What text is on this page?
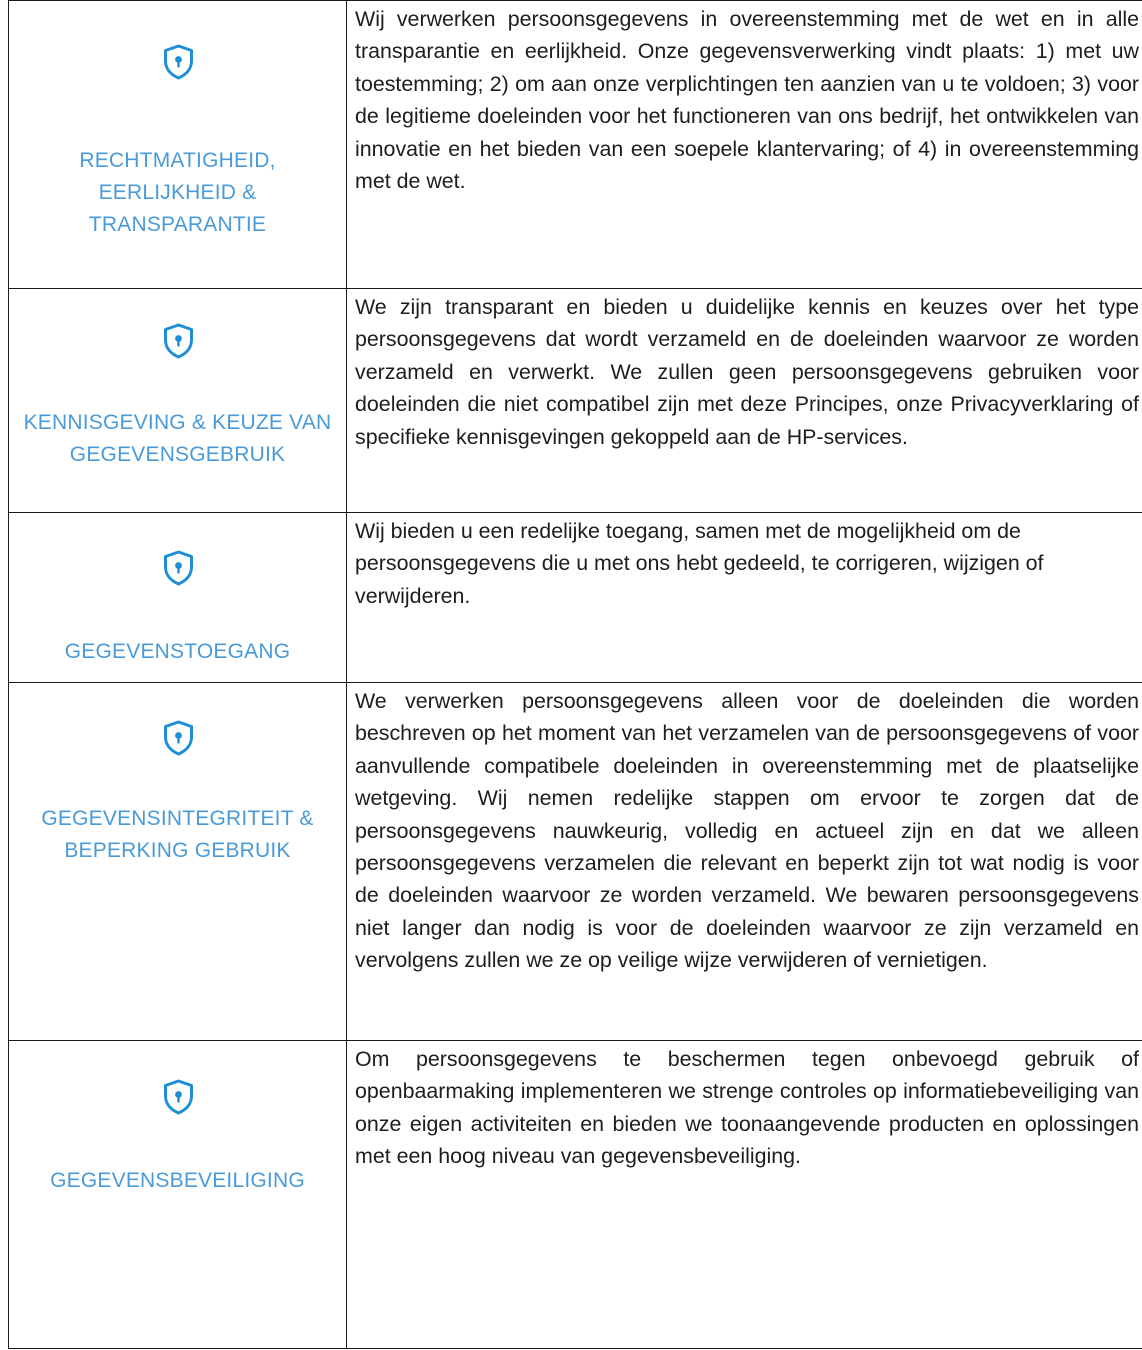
RECHTMATIGHEID, EERLIJKHEID & TRANSPARANTIE	Wij verwerken persoonsgegevens in overeenstemming met de wet en in alle transparantie en eerlijkheid. Onze gegevensverwerking vindt plaats: 1) met uw toestemming; 2) om aan onze verplichtingen ten aanzien van u te voldoen; 3) voor de legitieme doeleinden voor het functioneren van ons bedrijf, het ontwikkelen van innovatie en het bieden van een soepele klantervaring; of 4) in overeenstemming met de wet.

KENNISGEVING & KEUZE VAN GEGEVENSGEBRUIK	We zijn transparant en bieden u duidelijke kennis en keuzes over het type persoonsgegevens dat wordt verzameld en de doeleinden waarvoor ze worden verzameld en verwerkt. We zullen geen persoonsgegevens gebruiken voor doeleinden die niet compatibel zijn met deze Principes, onze Privacyverklaring of specifieke kennisgevingen gekoppeld aan de HP-services.

GEGEVENSTOEGANG	Wij bieden u een redelijke toegang, samen met de mogelijkheid om de persoonsgegevens die u met ons hebt gedeeld, te corrigeren, wijzigen of verwijderen.

GEGEVENSINTEGRITEIT & BEPERKING GEBRUIK	We verwerken persoonsgegevens alleen voor de doeleinden die worden beschreven op het moment van het verzamelen van de persoonsgegevens of voor aanvullende compatibele doeleinden in overeenstemming met de plaatselijke wetgeving. Wij nemen redelijke stappen om ervoor te zorgen dat de persoonsgegevens nauwkeurig, volledig en actueel zijn en dat we alleen persoonsgegevens verzamelen die relevant en beperkt zijn tot wat nodig is voor de doeleinden waarvoor ze worden verzameld. We bewaren persoonsgegevens niet langer dan nodig is voor de doeleinden waarvoor ze zijn verzameld en vervolgens zullen we ze op veilige wijze verwijderen of vernietigen.

GEGEVENSBEVEILIGING	Om persoonsgegevens te beschermen tegen onbevoegd gebruik of openbaarmaking implementeren we strenge controles op informatiebeveiliging van onze eigen activiteiten en bieden we toonaangevende producten en oplossingen met een hoog niveau van gegevensbeveiliging.
